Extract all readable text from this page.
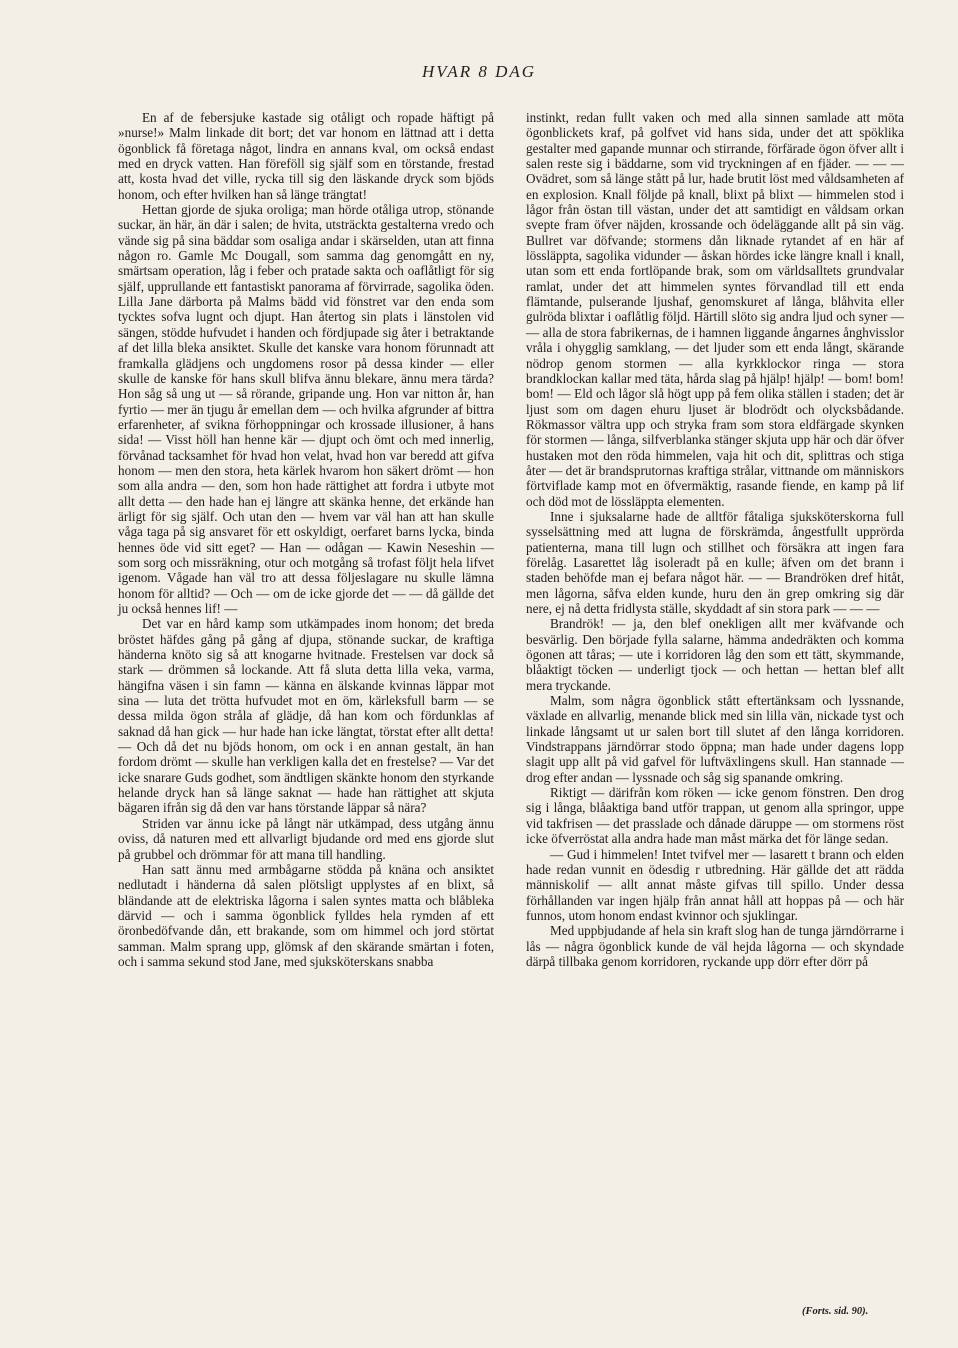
HVAR 8 DAG

En af de febersjuke kastade sig otåligt och ropade häftigt på »nurse!» Malm linkade dit bort; det var honom en lättnad att i detta ögonblick få företaga något, lindra en annans kval, om också endast med en dryck vatten. Han föreföll sig själf som en törstande, frestad att, kosta hvad det ville, rycka till sig den läskande dryck som bjöds honom, och efter hvilken han så länge trängtat!

Hettan gjorde de sjuka oroliga; man hörde otåliga utrop, stönande suckar, än här, än där i salen; de hvita, utsträckta gestalterna vredo och vände sig på sina bäddar som osaliga andar i skärselden, utan att finna någon ro. Gamle Mc Dougall, som samma dag genomgått en ny, smärtsam operation, låg i feber och pratade sakta och oaflåtligt för sig själf, upprullande ett fantastiskt panorama af förvirrade, sagolika öden. Lilla Jane därborta på Malms bädd vid fönstret var den enda som tycktes sofva lugnt och djupt. Han återtog sin plats i länstolen vid sängen, stödde hufvudet i handen och fördjupade sig åter i betraktande af det lilla bleka ansiktet. Skulle det kanske vara honom förunnadt att framkalla glädjens och ungdomens rosor på dessa kinder — eller skulle de kanske för hans skull blifva ännu blekare, ännu mera tärda? Hon såg så ung ut — så rörande, gripande ung. Hon var nitton år, han fyrtio — mer än tjugu år emellan dem — och hvilka afgrunder af bittra erfarenheter, af svikna förhoppningar och krossade illusioner, å hans sida! — Visst höll han henne kär — djupt och ömt och med innerlig, förvånad tacksamhet för hvad hon velat, hvad hon var beredd att gifva honom — men den stora, heta kärlek hvarom hon säkert drömt — hon som alla andra — den, som hon hade rättighet att fordra i utbyte mot allt detta — den hade han ej längre att skänka henne, det erkände han ärligt för sig själf. Och utan den — hvem var väl han att han skulle våga taga på sig ansvaret för ett oskyldigt, oerfaret barns lycka, binda hennes öde vid sitt eget? — Han — odågan — Kawin Neseshin — som sorg och missräkning, otur och motgång så trofast följt hela lifvet igenom. Vågade han väl tro att dessa följeslagare nu skulle lämna honom för alltid? — Och — om de icke gjorde det — — då gällde det ju också hennes lif! —

Det var en hård kamp som utkämpades inom honom; det breda bröstet häfdes gång på gång af djupa, stönande suckar, de kraftiga händerna knöto sig så att knogarne hvitnade. Frestelsen var dock så stark — drömmen så lockande. Att få sluta detta lilla veka, varma, hängifna väsen i sin famn — känna en älskande kvinnas läppar mot sina — luta det trötta hufvudet mot en öm, kärleksfull barm — se dessa milda ögon stråla af glädje, då han kom och fördunklas af saknad då han gick — hur hade han icke längtat, törstat efter allt detta! — Och då det nu bjöds honom, om ock i en annan gestalt, än han fordom drömt — skulle han verkligen kalla det en frestelse? — Var det icke snarare Guds godhet, som ändtligen skänkte honom den styrkande helande dryck han så länge saknat — hade han rättighet att skjuta bägaren ifrån sig då den var hans törstande läppar så nära?

Striden var ännu icke på långt när utkämpad, dess utgång ännu oviss, då naturen med ett allvarligt bjudande ord med ens gjorde slut på grubbel och drömmar för att mana till handling.

Han satt ännu med armbågarne stödda på knäna och ansiktet nedlutadt i händerna då salen plötsligt upplystes af en blixt, så bländande att de elektriska lågorna i salen syntes matta och blåbleka därvid — och i samma ögonblick fylldes hela rymden af ett öronbedöfvande dån, ett brakande, som om himmel och jord störtat samman. Malm sprang upp, glömsk af den skärande smärtan i foten, och i samma sekund stod Jane, med sjuksköterskans snabba

instinkt, redan fullt vaken och med alla sinnen samlade att möta ögonblickets kraf, på golfvet vid hans sida, under det att spöklika gestalter med gapande munnar och stirrande, förfärade ögon öfver allt i salen reste sig i bäddarne, som vid tryckningen af en fjäder. — — — Ovädret, som så länge stått på lur, hade brutit löst med våldsamheten af en explosion. Knall följde på knall, blixt på blixt — himmelen stod i lågor från östan till västan, under det att samtidigt en våldsam orkan svepte fram öfver näjden, krossande och ödeläggande allt på sin väg. Bullret var döfvande; stormens dån liknade rytandet af en här af lössläppta, sagolika vidunder — åskan hördes icke längre knall i knall, utan som ett enda fortlöpande brak, som om världsalltets grundvalar ramlat, under det att himmelen syntes förvandlad till ett enda flämtande, pulserande ljushaf, genomskuret af långa, blåhvita eller gulröda blixtar i oaflåtlig följd. Härtill slöto sig andra ljud och syner — — alla de stora fabrikernas, de i hamnen liggande ångarnes ånghvisslor vråla i ohygglig samklang, — det ljuder som ett enda långt, skärande nödrop genom stormen — alla kyrkklockor ringa — stora brandklockan kallar med täta, hårda slag på hjälp! hjälp! — bom! bom! bom! — Eld och lågor slå högt upp på fem olika ställen i staden; det är ljust som om dagen ehuru ljuset är blodrödt och olycksbådande. Rökmassor vältra upp och stryka fram som stora eldfärgade skynken för stormen — långa, silfverblanka stänger skjuta upp här och där öfver hustaken mot den röda himmelen, vaja hit och dit, splittras och stiga åter — det är brandsprutornas kraftiga strålar, vittnande om människors förtvifladе kamp mot en öfvermäktig, rasande fiende, en kamp på lif och död mot de lössläppta elementen.

Inne i sjuksalarne hade de alltför fåtaliga sjuksköterskorna full sysselsättning med att lugna de förskrämda, ångestfullt upprörda patienterna, mana till lugn och stillhet och försäkra att ingen fara förelåg. Lasarettet låg isoleradt på en kulle; äfven om det brann i staden behöfde man ej befara något här. — — Brandröken dref hitåt, men lågorna, såfva elden kunde, huru den än grep omkring sig där nere, ej nå detta fridlysta ställe, skyddadt af sin stora park — — —

Brandrök! — ja, den blef onekligen allt mer kväfvande och besvärlig. Den började fylla salarne, hämma andedräkten och komma ögonen att tåras; — ute i korridoren låg den som ett tätt, skymmande, blåaktigt töcken — underligt tjock — och hettan — hettan blef allt mera tryckande.

Malm, som några ögonblick stått eftertänksam och lyssnande, växlade en allvarlig, menande blick med sin lilla vän, nickade tyst och linkade långsamt ut ur salen bort till slutet af den långa korridoren. Vindstrappans järndörrar stodo öppna; man hade under dagens lopp slagit upp allt på vid gafvel för luftväxlingens skull. Han stannade — drog efter andan — lyssnade och såg sig spanande omkring.

Riktigt — därifrån kom röken — icke genom fönstren. Den drog sig i långa, blåaktiga band utför trappan, ut genom alla springor, uppe vid takfrisen — det prasslade och dånade däruppe — om stormens röst icke öfverröstat alla andra hade man måst märka det för länge sedan.

— Gud i himmelen! Intet tvifvel mer — lasarett t brann och elden hade redan vunnit en ödesdig r utbredning. Här gällde det att rädda människolif — allt annat måste gifvas till spillo. Under dessa förhållanden var ingen hjälp från annat håll att hoppas på — och här funnos, utom honom endast kvinnor och sjuklingar.

Med uppbjudande af hela sin kraft slog han de tunga järndörrarne i lås — några ögonblick kunde de väl hejda lågorna — och skyndade därpå tillbaka genom korridoren, ryckande upp dörr efter dörr på

(Forts. sid. 90).
